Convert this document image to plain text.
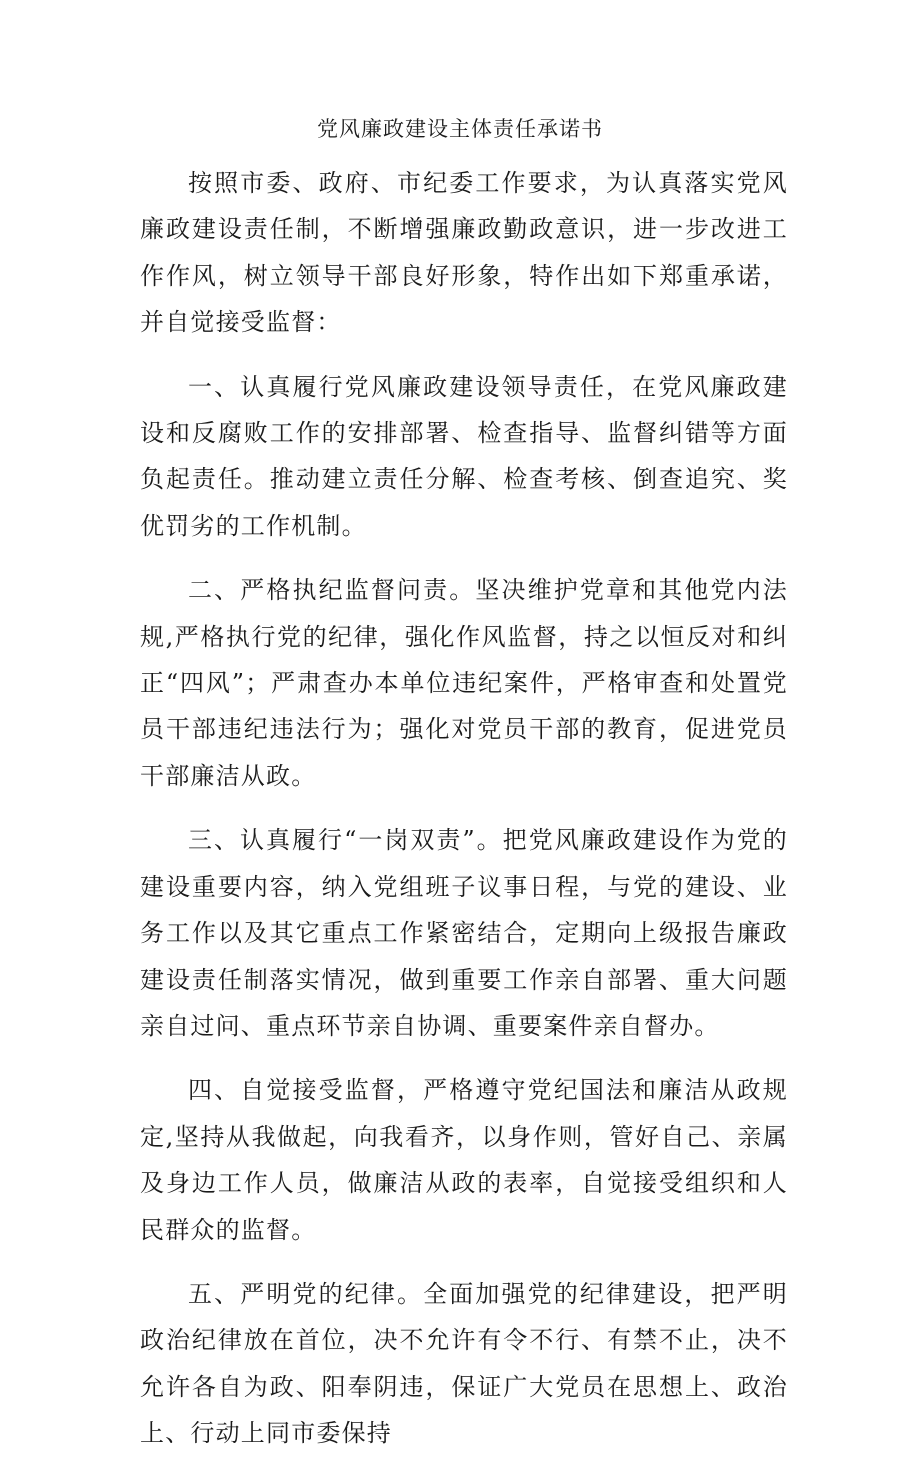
党风廉政建设主体责任承诺书

按照市委、政府、市纪委工作要求，为认真落实党风廉政建设责任制，不断增强廉政勤政意识，进一步改进工作作风，树立领导干部良好形象，特作出如下郑重承诺，并自觉接受监督：

一、认真履行党风廉政建设领导责任，在党风廉政建设和反腐败工作的安排部署、检查指导、监督纠错等方面负起责任。推动建立责任分解、检查考核、倒查追究、奖优罚劣的工作机制。

二、严格执纪监督问责。坚决维护党章和其他党内法规,严格执行党的纪律，强化作风监督，持之以恒反对和纠正“四风”；严肃查办本单位违纪案件，严格审查和处置党员干部违纪违法行为；强化对党员干部的教育，促进党员干部廉洁从政。

三、认真履行“一岗双责”。把党风廉政建设作为党的建设重要内容，纳入党组班子议事日程，与党的建设、业务工作以及其它重点工作紧密结合，定期向上级报告廉政建设责任制落实情况，做到重要工作亲自部署、重大问题亲自过问、重点环节亲自协调、重要案件亲自督办。

四、自觉接受监督，严格遵守党纪国法和廉洁从政规定,坚持从我做起，向我看齐，以身作则，管好自己、亲属及身边工作人员，做廉洁从政的表率，自觉接受组织和人民群众的监督。

五、严明党的纪律。全面加强党的纪律建设，把严明政治纪律放在首位，决不允许有令不行、有禁不止，决不允许各自为政、阳奉阴违，保证广大党员在思想上、政治上、行动上同市委保持
